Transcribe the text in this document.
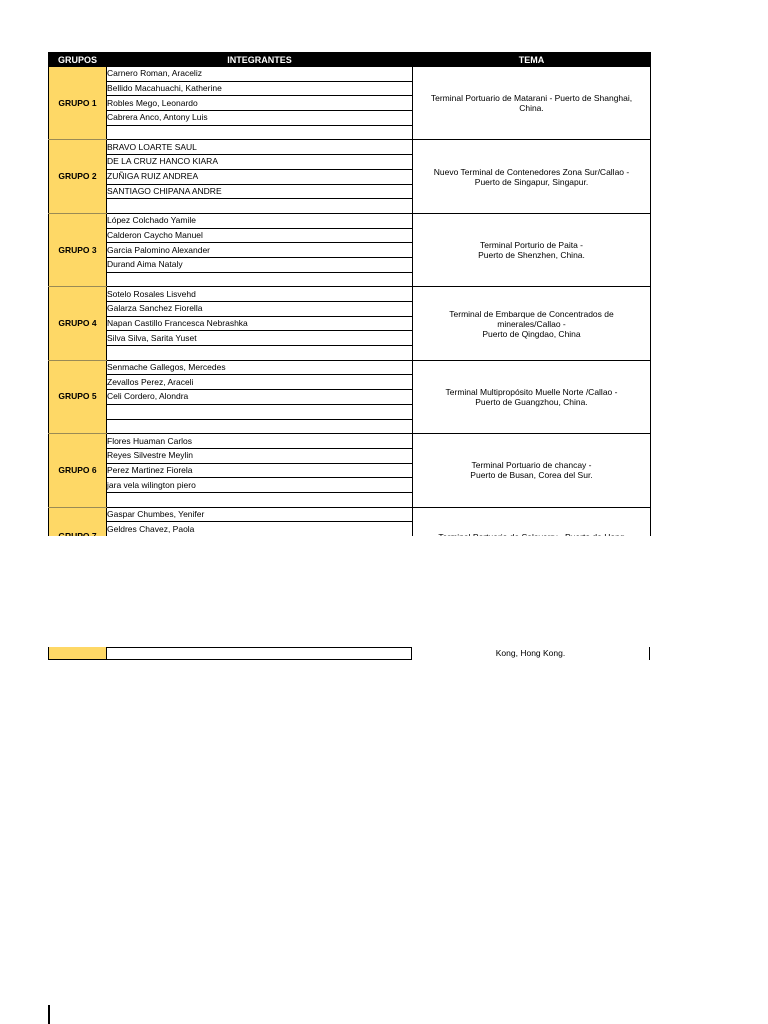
GRUPOS	INTEGRANTES	TEMA
GRUPO 1	Carnero Roman, Araceliz	Terminal Portuario de Matarani - Puerto de Shanghai,
China.

	Bellido Macahuachi, Katherine	
	Robles Mego, Leonardo	
	Cabrera Anco, Antony Luis	

GRUPO 2	BRAVO LOARTE SAUL	Nuevo Terminal de Contenedores Zona Sur/Callao -
Puerto de Singapur, Singapur.

	DE LA CRUZ HANCO KIARA	
	ZUÑIGA RUIZ ANDREA	
	SANTIAGO CHIPANA ANDRE	

GRUPO 3	López Colchado Yamile	Terminal Porturio de Paita -
Puerto de Shenzhen, China.

	Calderon Caycho Manuel	
	Garcia Palomino Alexander	
	Durand Aima Nataly	

GRUPO 4	Sotelo Rosales Lisvehd	Terminal de Embarque de Concentrados de
minerales/Callao -
Puerto de Qingdao, China

	Galarza Sanchez Fiorella	
	Napan Castillo Francesca Nebrashka	
	Silva Silva, Sarita Yuset	

GRUPO 5	Senmache Gallegos, Mercedes	Terminal Multipropósito Muelle Norte /Callao -
Puerto de Guangzhou, China.

	Zevallos Perez, Araceli	
	Celi Cordero, Alondra	

GRUPO 6	Flores Huaman Carlos	Terminal Portuario de chancay -
Puerto de Busan, Corea del Sur.

	Reyes Silvestre Meylin	
	Perez Martinez Fiorela	
	jara vela wilington piero	

	Gaspar Chumbes, Yenifer	

	Geldres Chavez, Paola	

Kong, Hong Kong.
